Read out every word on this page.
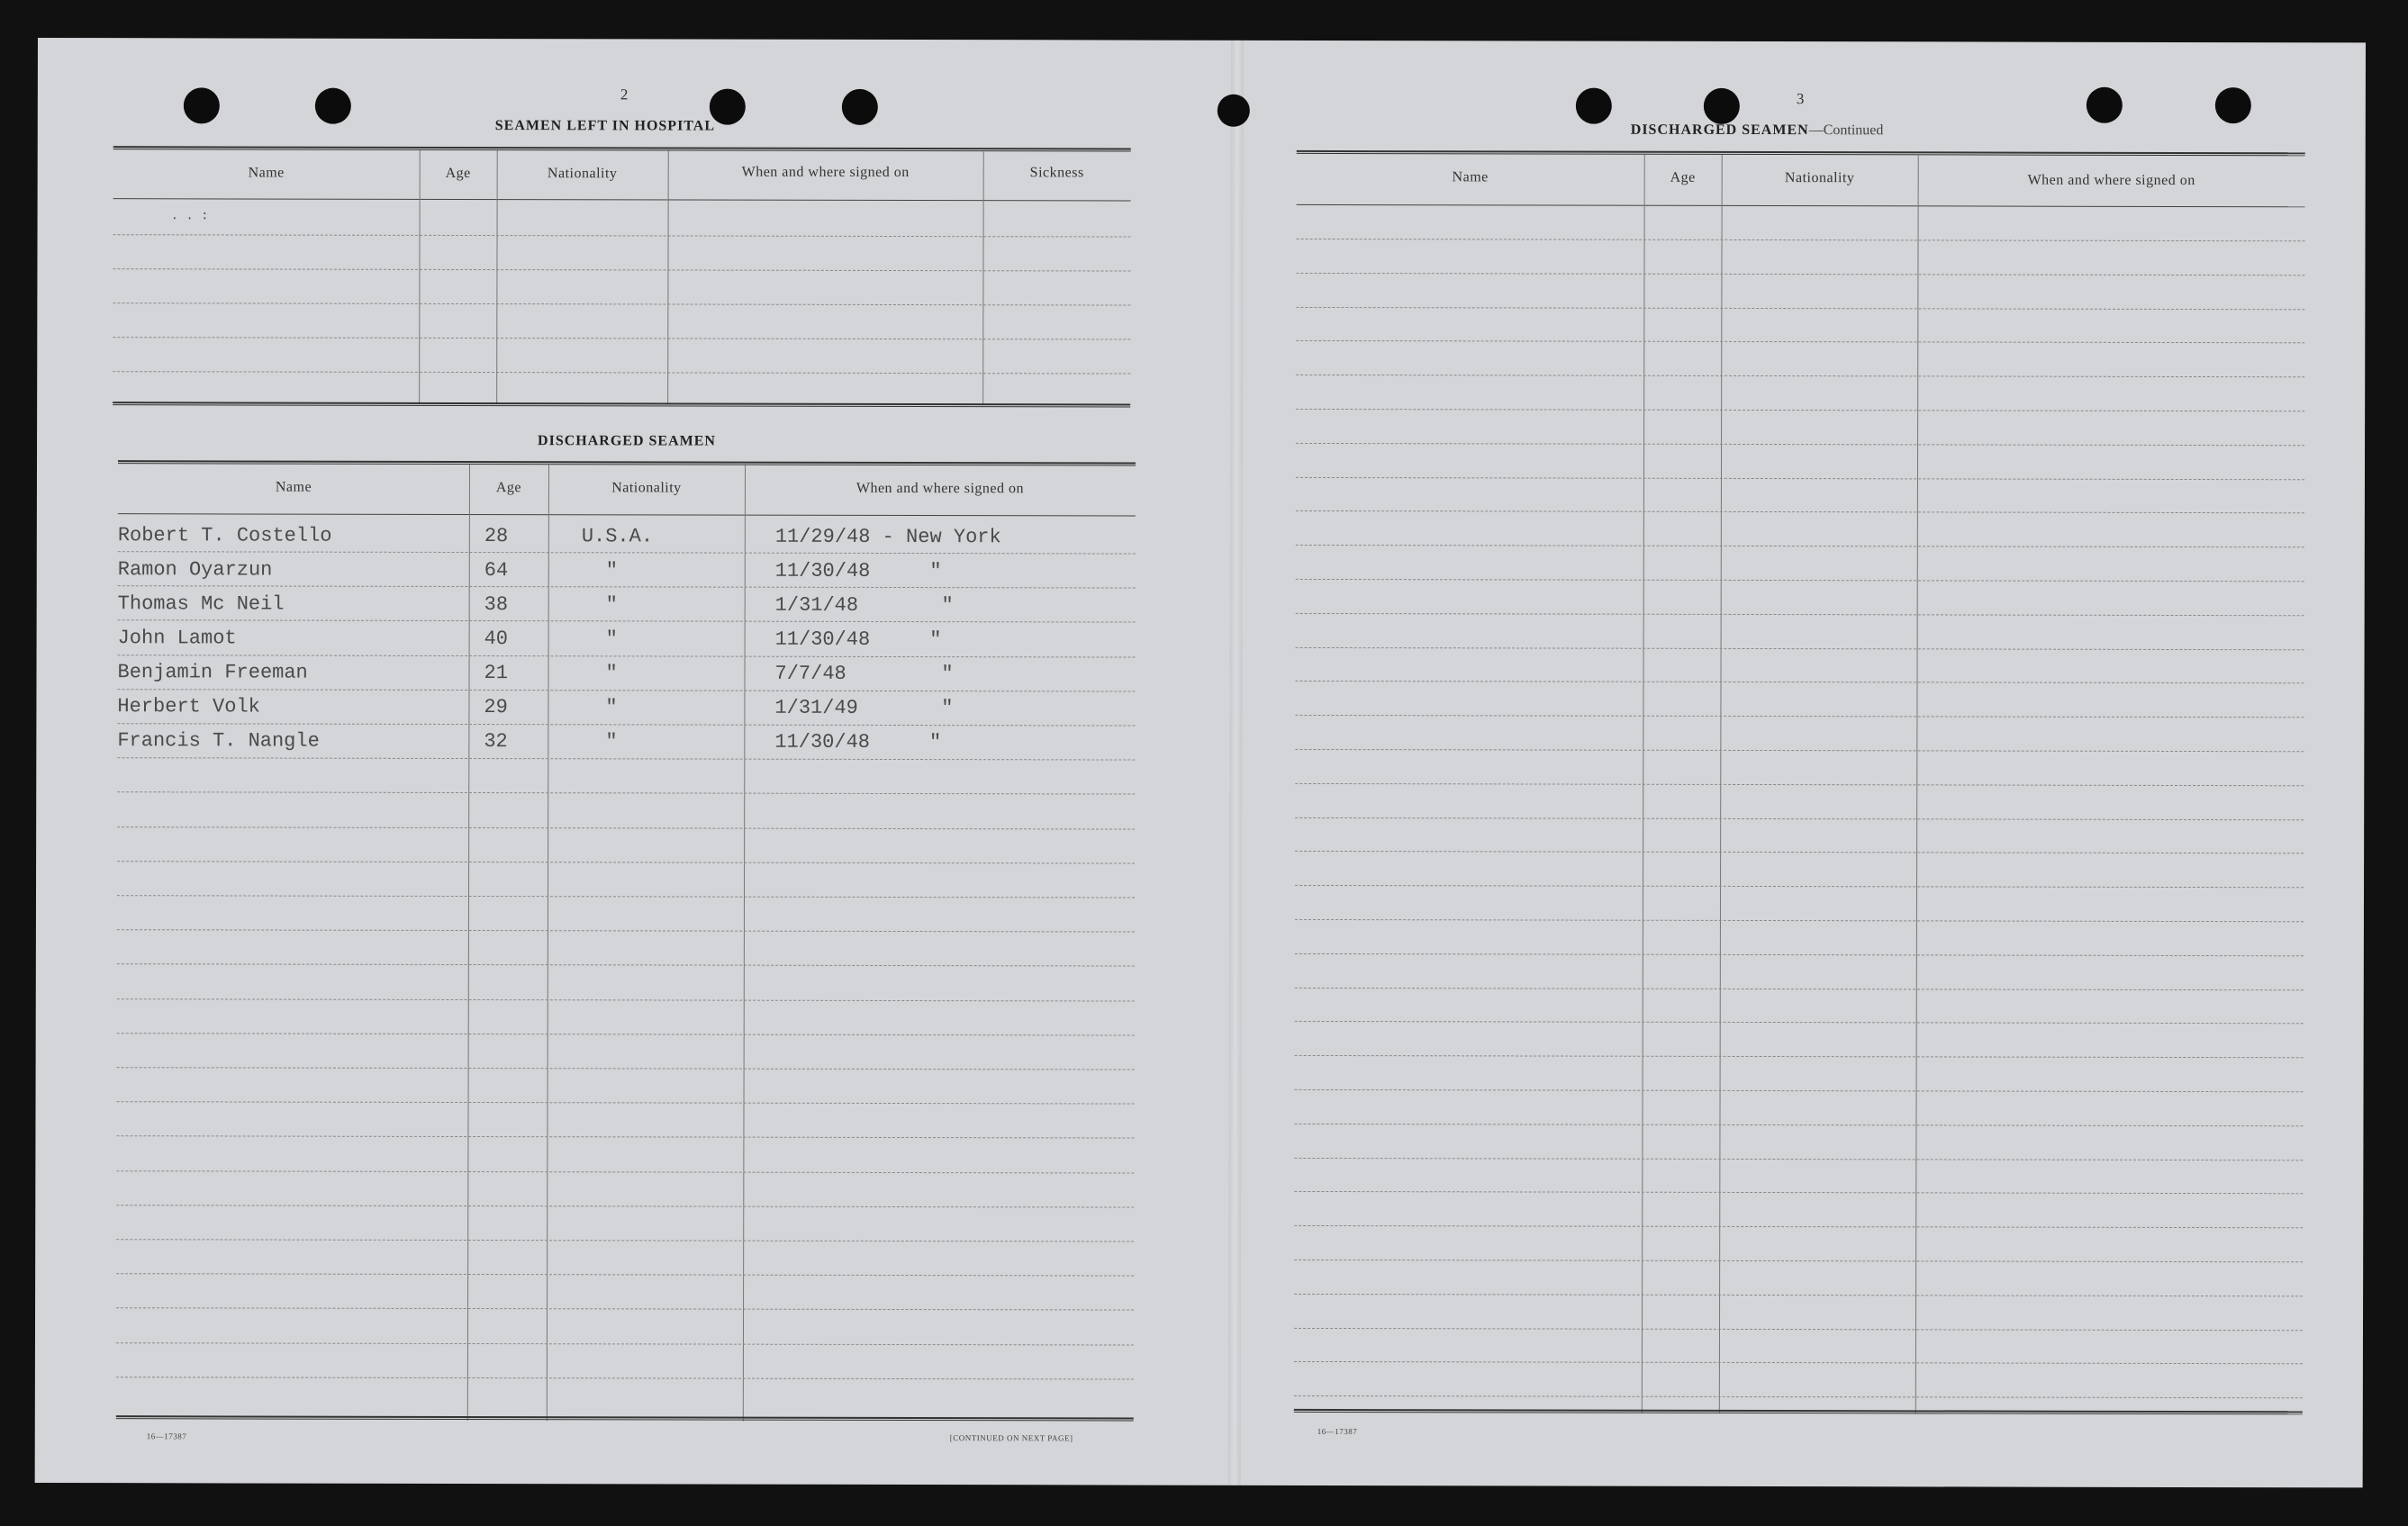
2
SEAMEN LEFT IN HOSPITAL
Name	Age	Nationality	When and where signed on	Sickness
. . :
DISCHARGED SEAMEN
Name	Age	Nationality	When and where signed on
Robert T. Costello	28	U.S.A.	11/29/48 - New York
Ramon Oyarzun	64	"	11/30/48     "
Thomas Mc Neil	38	"	1/31/48       "
John Lamot	40	"	11/30/48     "
Benjamin Freeman	21	"	7/7/48        "
Herbert Volk	29	"	1/31/49       "
Francis T. Nangle	32	"	11/30/48     "
16—17387	[CONTINUED ON NEXT PAGE]
3
DISCHARGED SEAMEN—Continued
Name	Age	Nationality	When and where signed on
16—17387
